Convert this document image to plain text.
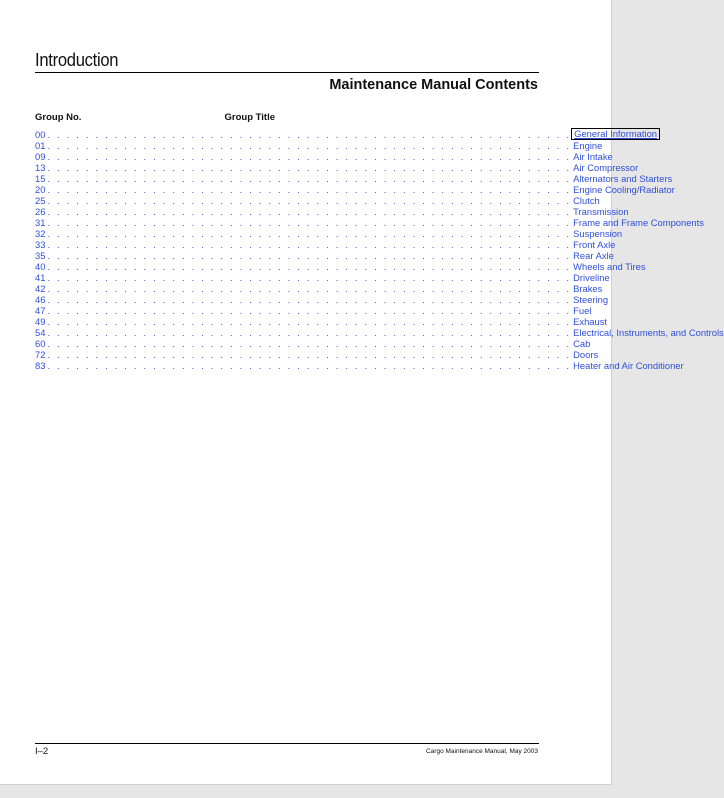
Introduction
Maintenance Manual Contents
Group No.	Group Title
00 . . . . . . . . . . . . . . . . . . . . . . . . . . . . . . . . . . . . . . . . . . . . . . . . . . . . . . . General Information
01 . . . . . . . . . . . . . . . . . . . . . . . . . . . . . . . . . . . . . . . . . . . . . . . . . . . . . . . Engine
09 . . . . . . . . . . . . . . . . . . . . . . . . . . . . . . . . . . . . . . . . . . . . . . . . . . . . . . . Air Intake
13 . . . . . . . . . . . . . . . . . . . . . . . . . . . . . . . . . . . . . . . . . . . . . . . . . . . . . . . Air Compressor
15 . . . . . . . . . . . . . . . . . . . . . . . . . . . . . . . . . . . . . . . . . . . . . . . . . . . . . . . Alternators and Starters
20 . . . . . . . . . . . . . . . . . . . . . . . . . . . . . . . . . . . . . . . . . . . . . . . . . . . . . . . Engine Cooling/Radiator
25 . . . . . . . . . . . . . . . . . . . . . . . . . . . . . . . . . . . . . . . . . . . . . . . . . . . . . . . Clutch
26 . . . . . . . . . . . . . . . . . . . . . . . . . . . . . . . . . . . . . . . . . . . . . . . . . . . . . . . Transmission
31 . . . . . . . . . . . . . . . . . . . . . . . . . . . . . . . . . . . . . . . . . . . . . . . . . . . . . . . Frame and Frame Components
32 . . . . . . . . . . . . . . . . . . . . . . . . . . . . . . . . . . . . . . . . . . . . . . . . . . . . . . . Suspension
33 . . . . . . . . . . . . . . . . . . . . . . . . . . . . . . . . . . . . . . . . . . . . . . . . . . . . . . . Front Axle
35 . . . . . . . . . . . . . . . . . . . . . . . . . . . . . . . . . . . . . . . . . . . . . . . . . . . . . . . Rear Axle
40 . . . . . . . . . . . . . . . . . . . . . . . . . . . . . . . . . . . . . . . . . . . . . . . . . . . . . . . Wheels and Tires
41 . . . . . . . . . . . . . . . . . . . . . . . . . . . . . . . . . . . . . . . . . . . . . . . . . . . . . . . Driveline
42 . . . . . . . . . . . . . . . . . . . . . . . . . . . . . . . . . . . . . . . . . . . . . . . . . . . . . . . Brakes
46 . . . . . . . . . . . . . . . . . . . . . . . . . . . . . . . . . . . . . . . . . . . . . . . . . . . . . . . Steering
47 . . . . . . . . . . . . . . . . . . . . . . . . . . . . . . . . . . . . . . . . . . . . . . . . . . . . . . . Fuel
49 . . . . . . . . . . . . . . . . . . . . . . . . . . . . . . . . . . . . . . . . . . . . . . . . . . . . . . . Exhaust
54 . . . . . . . . . . . . . . . . . . . . . . . . . . . . . . . . . . . . . . . . . . . . . . . . . . . . . . . Electrical, Instruments, and Controls
60 . . . . . . . . . . . . . . . . . . . . . . . . . . . . . . . . . . . . . . . . . . . . . . . . . . . . . . . Cab
72 . . . . . . . . . . . . . . . . . . . . . . . . . . . . . . . . . . . . . . . . . . . . . . . . . . . . . . . Doors
83 . . . . . . . . . . . . . . . . . . . . . . . . . . . . . . . . . . . . . . . . . . . . . . . . . . . . . . . Heater and Air Conditioner
I–2	Cargo Maintenance Manual, May 2003
